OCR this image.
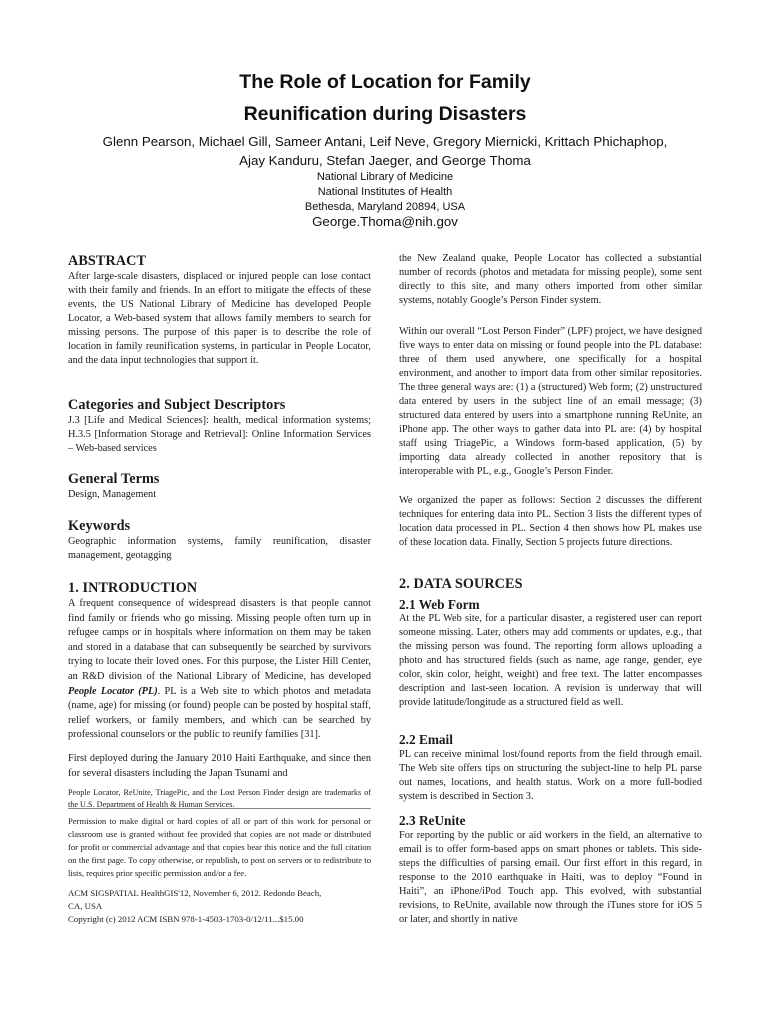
The Role of Location for Family
Reunification during Disasters
Glenn Pearson, Michael Gill, Sameer Antani, Leif Neve, Gregory Miernicki, Krittach Phichaphop,
Ajay Kanduru, Stefan Jaeger, and George Thoma
National Library of Medicine
National Institutes of Health
Bethesda, Maryland 20894, USA
George.Thoma@nih.gov
ABSTRACT
After large-scale disasters, displaced or injured people can lose contact with their family and friends. In an effort to mitigate the effects of these events, the US National Library of Medicine has developed People Locator, a Web-based system that allows family members to search for missing persons. The purpose of this paper is to describe the role of location in family reunification systems, in particular in People Locator, and the data input technologies that support it.
Categories and Subject Descriptors
J.3 [Life and Medical Sciences]: health, medical information systems; H.3.5 [Information Storage and Retrieval]: Online Information Services – Web-based services
General Terms
Design, Management
Keywords
Geographic information systems, family reunification, disaster management, geotagging
1. INTRODUCTION
A frequent consequence of widespread disasters is that people cannot find family or friends who go missing. Missing people often turn up in refugee camps or in hospitals where information on them may be taken and stored in a database that can subsequently be searched by survivors trying to locate their loved ones. For this purpose, the Lister Hill Center, an R&D division of the National Library of Medicine, has developed People Locator (PL). PL is a Web site to which photos and metadata (name, age) for missing (or found) people can be posted by hospital staff, relief workers, or family members, and which can be searched by professional counselors or the public to reunify families [31].
First deployed during the January 2010 Haiti Earthquake, and since then for several disasters including the Japan Tsunami and
People Locator, ReUnite, TriagePic, and the Lost Person Finder design are trademarks of the U.S. Department of Health & Human Services.
Permission to make digital or hard copies of all or part of this work for personal or classroom use is granted without fee provided that copies are not made or distributed for profit or commercial advantage and that copies bear this notice and the full citation on the first page. To copy otherwise, or republish, to post on servers or to redistribute to lists, requires prior specific permission and/or a fee.
ACM SIGSPATIAL HealthGIS'12, November 6, 2012. Redondo Beach,
CA, USA
Copyright (c) 2012 ACM ISBN 978-1-4503-1703-0/12/11...$15.00
the New Zealand quake, People Locator has collected a substantial number of records (photos and metadata for missing people), some sent directly to this site, and many others imported from other similar systems, notably Google’s Person Finder system.
Within our overall “Lost Person Finder” (LPF) project, we have designed five ways to enter data on missing or found people into the PL database: three of them used anywhere, one specifically for a hospital environment, and another to import data from other similar repositories. The three general ways are: (1) a (structured) Web form; (2) unstructured data entered by users in the subject line of an email message; (3) structured data entered by users into a smartphone running ReUnite, an iPhone app. The other ways to gather data into PL are: (4) by hospital staff using TriagePic, a Windows form-based application, (5) by importing data already collected in another repository that is interoperable with PL, e.g., Google’s Person Finder.
We organized the paper as follows: Section 2 discusses the different techniques for entering data into PL. Section 3 lists the different types of location data processed in PL. Section 4 then shows how PL makes use of these location data. Finally, Section 5 projects future directions.
2. DATA SOURCES
2.1 Web Form
At the PL Web site, for a particular disaster, a registered user can report someone missing. Later, others may add comments or updates, e.g., that the missing person was found. The reporting form allows uploading a photo and has structured fields (such as name, age range, gender, eye color, skin color, height, weight) and free text. The latter encompasses description and last-seen location. A revision is underway that will provide latitude/longitude as a structured field as well.
2.2 Email
PL can receive minimal lost/found reports from the field through email. The Web site offers tips on structuring the subject-line to help PL parse out names, locations, and health status. Work on a more full-bodied system is described in Section 3.
2.3 ReUnite
For reporting by the public or aid workers in the field, an alternative to email is to offer form-based apps on smart phones or tablets. This side-steps the difficulties of parsing email. Our first effort in this regard, in response to the 2010 earthquake in Haiti, was to deploy “Found in Haiti”, an iPhone/iPod Touch app. This evolved, with substantial revisions, to ReUnite, available now through the iTunes store for iOS 5 or later, and shortly in native
